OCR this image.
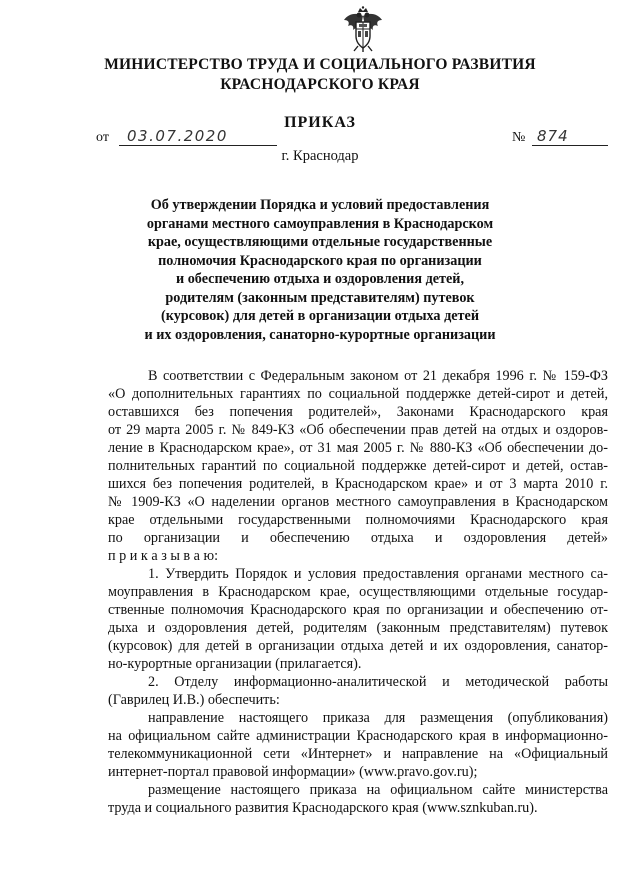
МИНИСТЕРСТВО ТРУДА И СОЦИАЛЬНОГО РАЗВИТИЯ
КРАСНОДАРСКОГО КРАЯ
ПРИКАЗ
от 03.07.2020	№ 874
г. Краснодар
Об утверждении Порядка и условий предоставления
органами местного самоуправления в Краснодарском
крае, осуществляющими отдельные государственные
полномочия Краснодарского края по организации
и обеспечению отдыха и оздоровления детей,
родителям (законным представителям) путевок
(курсовок) для детей в организации отдыха детей
и их оздоровления, санаторно-курортные организации
В соответствии с Федеральным законом от 21 декабря 1996 г. № 159-ФЗ
«О дополнительных гарантиях по социальной поддержке детей-сирот и детей,
оставшихся без попечения родителей», Законами Краснодарского края
от 29 марта 2005 г. № 849-КЗ «Об обеспечении прав детей на отдых и оздоров-
ление в Краснодарском крае», от 31 мая 2005 г. № 880-КЗ «Об обеспечении до-
полнительных гарантий по социальной поддержке детей-сирот и детей, остав-
шихся без попечения родителей, в Краснодарском крае» и от 3 марта 2010 г.
№ 1909-КЗ «О наделении органов местного самоуправления в Краснодарском
крае отдельными государственными полномочиями Краснодарского края
по организации и обеспечению отдыха и оздоровления детей»
п р и к а з ы в а ю:
1. Утвердить Порядок и условия предоставления органами местного са-
моуправления в Краснодарском крае, осуществляющими отдельные государ-
ственные полномочия Краснодарского края по организации и обеспечению от-
дыха и оздоровления детей, родителям (законным представителям) путевок
(курсовок) для детей в организации отдыха детей и их оздоровления, санатор-
но-курортные организации (прилагается).
2. Отделу информационно-аналитической и методической работы
(Гаврилец И.В.) обеспечить:
направление настоящего приказа для размещения (опубликования)
на официальном сайте администрации Краснодарского края в информационно-
телекоммуникационной сети «Интернет» и направление на «Официальный
интернет-портал правовой информации» (www.pravo.gov.ru);
размещение настоящего приказа на официальном сайте министерства
труда и социального развития Краснодарского края (www.sznkuban.ru).
